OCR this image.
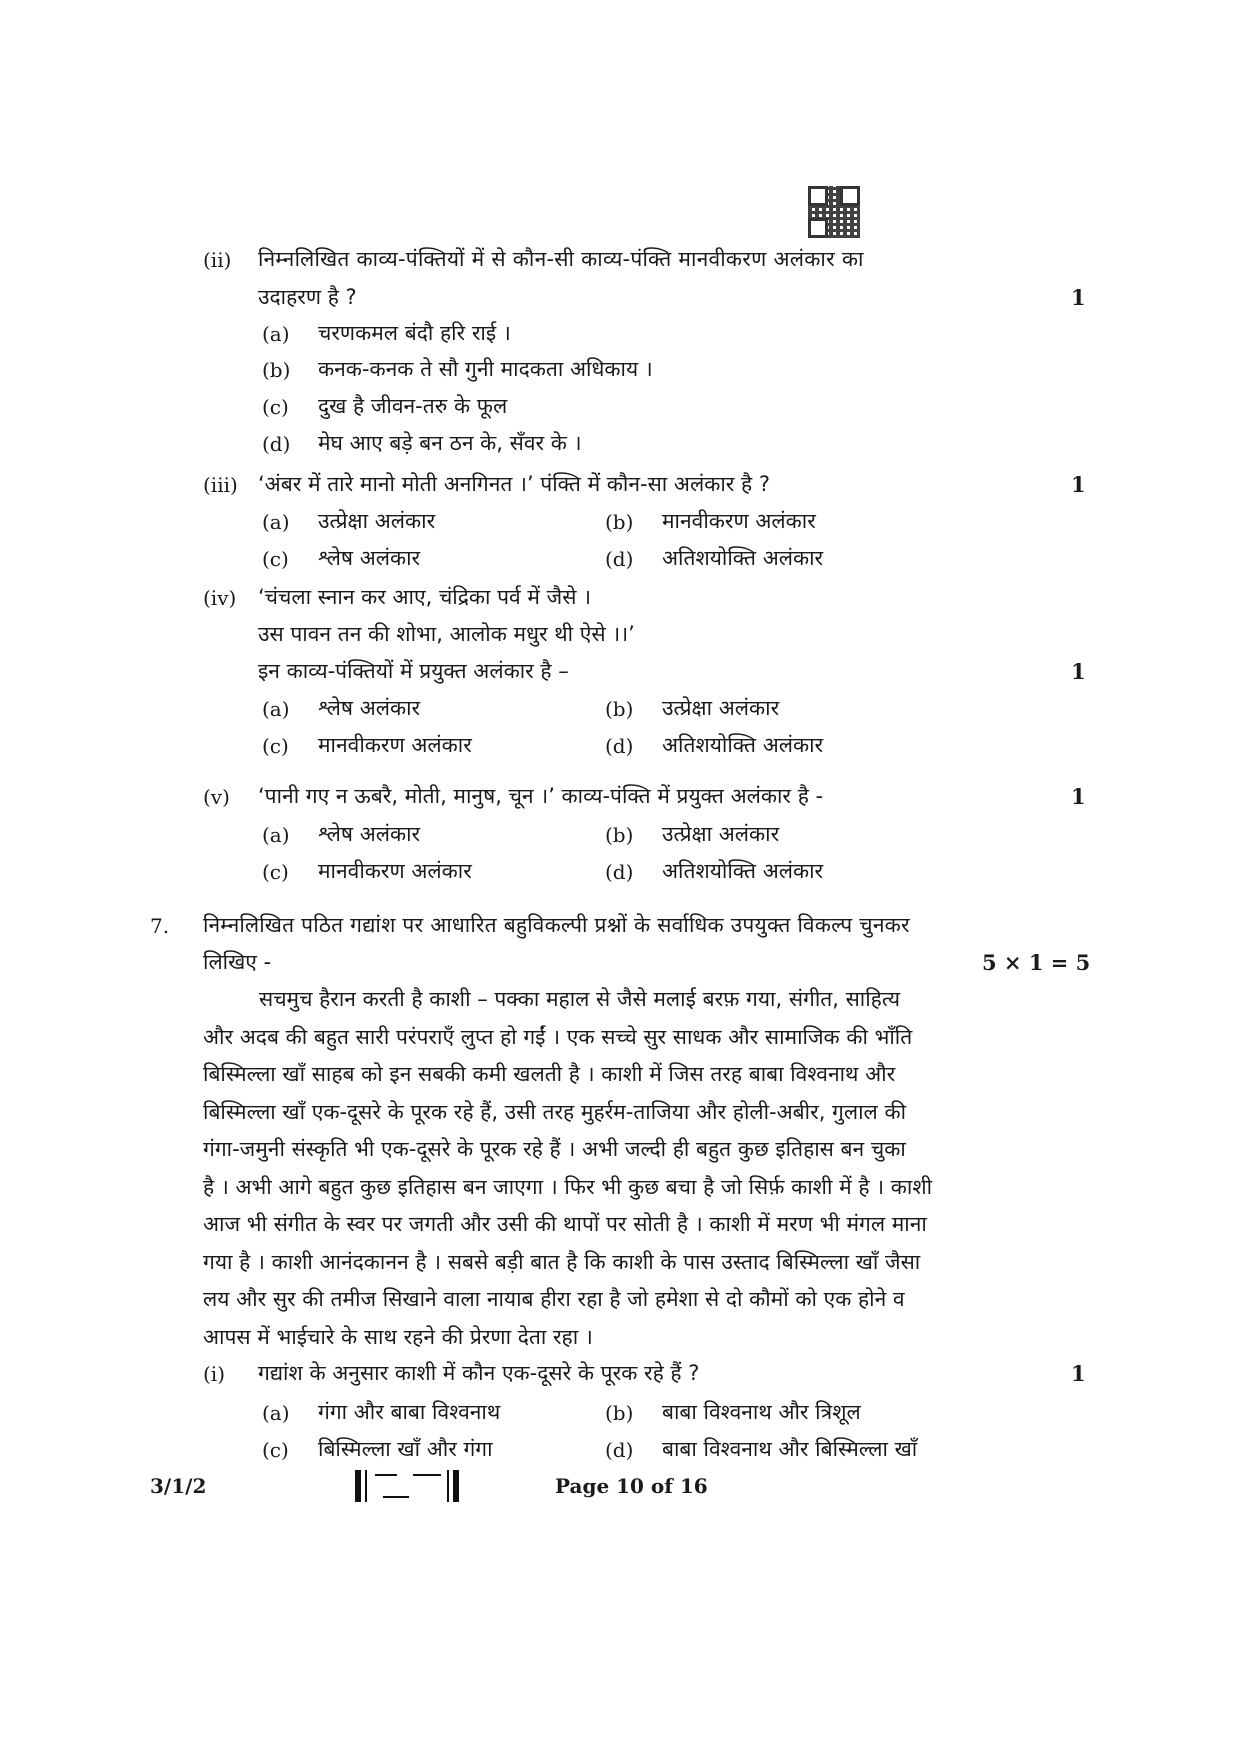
(ii) निम्नलिखित काव्य-पंक्तियों में से कौन-सी काव्य-पंक्ति मानवीकरण अलंकार का
उदाहरण है ?	1
(a) चरणकमल बंदौ हरि राई ।
(b) कनक-कनक ते सौ गुनी मादकता अधिकाय ।
(c) दुख है जीवन-तरु के फूल
(d) मेघ आए बड़े बन ठन के, सँवर के ।
(iii) ‘अंबर में तारे मानो मोती अनगिनत ।’ पंक्ति में कौन-सा अलंकार है ?	1
(a) उत्प्रेक्षा अलंकार	(b) मानवीकरण अलंकार
(c) श्लेष अलंकार	(d) अतिशयोक्ति अलंकार
(iv) ‘चंचला स्नान कर आए, चंद्रिका पर्व में जैसे ।
उस पावन तन की शोभा, आलोक मधुर थी ऐसे ।।’
इन काव्य-पंक्तियों में प्रयुक्त अलंकार है –	1
(a) श्लेष अलंकार	(b) उत्प्रेक्षा अलंकार
(c) मानवीकरण अलंकार	(d) अतिशयोक्ति अलंकार
(v) ‘पानी गए न ऊबरै, मोती, मानुष, चून ।’ काव्य-पंक्ति में प्रयुक्त अलंकार है -	1
(a) श्लेष अलंकार	(b) उत्प्रेक्षा अलंकार
(c) मानवीकरण अलंकार	(d) अतिशयोक्ति अलंकार
7. निम्नलिखित पठित गद्यांश पर आधारित बहुविकल्पी प्रश्नों के सर्वाधिक उपयुक्त विकल्प चुनकर
लिखिए -	5 × 1 = 5
सचमुच हैरान करती है काशी – पक्का महाल से जैसे मलाई बरफ़ गया, संगीत, साहित्य
और अदब की बहुत सारी परंपराएँ लुप्त हो गईं । एक सच्चे सुर साधक और सामाजिक की भाँति
बिस्मिल्ला खाँ साहब को इन सबकी कमी खलती है । काशी में जिस तरह बाबा विश्वनाथ और
बिस्मिल्ला खाँ एक-दूसरे के पूरक रहे हैं, उसी तरह मुहर्रम-ताजिया और होली-अबीर, गुलाल की
गंगा-जमुनी संस्कृति भी एक-दूसरे के पूरक रहे हैं । अभी जल्दी ही बहुत कुछ इतिहास बन चुका
है । अभी आगे बहुत कुछ इतिहास बन जाएगा । फिर भी कुछ बचा है जो सिर्फ़ काशी में है । काशी
आज भी संगीत के स्वर पर जगती और उसी की थापों पर सोती है । काशी में मरण भी मंगल माना
गया है । काशी आनंदकानन है । सबसे बड़ी बात है कि काशी के पास उस्ताद बिस्मिल्ला खाँ जैसा
लय और सुर की तमीज सिखाने वाला नायाब हीरा रहा है जो हमेशा से दो कौमों को एक होने व
आपस में भाईचारे के साथ रहने की प्रेरणा देता रहा ।
(i) गद्यांश के अनुसार काशी में कौन एक-दूसरे के पूरक रहे हैं ?	1
(a) गंगा और बाबा विश्वनाथ	(b) बाबा विश्वनाथ और त्रिशूल
(c) बिस्मिल्ला खाँ और गंगा	(d) बाबा विश्वनाथ और बिस्मिल्ला खाँ
3/1/2	Page 10 of 16
